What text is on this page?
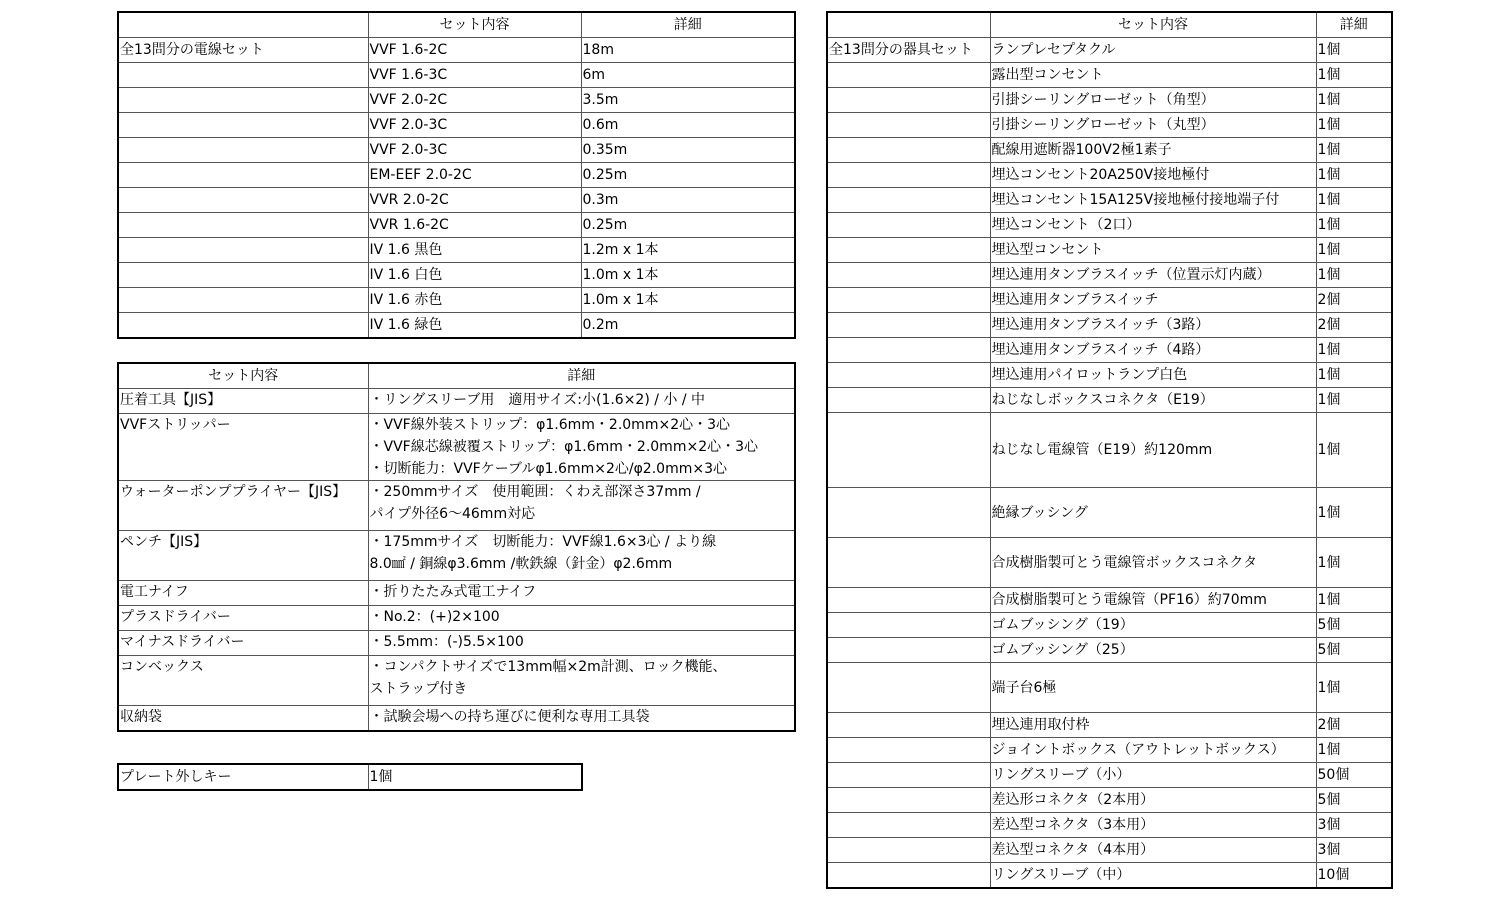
	セット内容	詳細
全13問分の電線セット	VVF 1.6-2C	18m
	VVF 1.6-3C	6m
	VVF 2.0-2C	3.5m
	VVF 2.0-3C	0.6m
	VVF 2.0-3C	0.35m
	EM-EEF 2.0-2C	0.25m
	VVR 2.0-2C	0.3m
	VVR 1.6-2C	0.25m
	IV 1.6 黒色	1.2m x 1本
	IV 1.6 白色	1.0m x 1本
	IV 1.6 赤色	1.0m x 1本
	IV 1.6 緑色	0.2m
セット内容	詳細
圧着工具【JIS】	・リングスリーブ用　適用サイズ:小(1.6×2) / 小 / 中

VVFストリッパー	・VVF線外装ストリップ：φ1.6mm・2.0mm×2心・3心
・VVF線芯線被覆ストリップ：φ1.6mm・2.0mm×2心・3心
・切断能力：VVFケーブルφ1.6mm×2心/φ2.0mm×3心

ウォーターポンププライヤー【JIS】	・250mmサイズ　使用範囲：くわえ部深さ37mm /
パイプ外径6～46mm対応

ペンチ【JIS】	・175mmサイズ　切断能力：VVF線1.6×3心 / より線
8.0㎟ / 銅線φ3.6mm /軟鉄線（針金）φ2.6mm

電工ナイフ	・折りたたみ式電工ナイフ

プラスドライバー	・No.2：(+)2×100

マイナスドライバー	・5.5mm：(-)5.5×100

コンベックス	・コンパクトサイズで13mm幅×2m計測、ロック機能、
ストラップ付き

収納袋	・試験会場への持ち運びに便利な専用工具袋
プレート外しキー	1個
	セット内容	詳細
全13問分の器具セット	ランプレセプタクル	1個
	露出型コンセント	1個
	引掛シーリングローゼット（角型）	1個
	引掛シーリングローゼット（丸型）	1個
	配線用遮断器100V2極1素子	1個
	埋込コンセント20A250V接地極付	1個
	埋込コンセント15A125V接地極付接地端子付	1個
	埋込コンセント（2口）	1個
	埋込型コンセント	1個
	埋込連用タンブラスイッチ（位置示灯内蔵）	1個
	埋込連用タンブラスイッチ	2個
	埋込連用タンブラスイッチ（3路）	2個
	埋込連用タンブラスイッチ（4路）	1個
	埋込連用パイロットランプ白色	1個
	ねじなしボックスコネクタ（E19）	1個
	ねじなし電線管（E19）約120mm	1個
	絶縁ブッシング	1個
	合成樹脂製可とう電線管ボックスコネクタ	1個
	合成樹脂製可とう電線管（PF16）約70mm	1個
	ゴムブッシング（19）	5個
	ゴムブッシング（25）	5個
	端子台6極	1個
	埋込連用取付枠	2個
	ジョイントボックス（アウトレットボックス）	1個
	リングスリーブ（小）	50個
	差込形コネクタ（2本用）	5個
	差込型コネクタ（3本用）	3個
	差込型コネクタ（4本用）	3個
	リングスリーブ（中）	10個
